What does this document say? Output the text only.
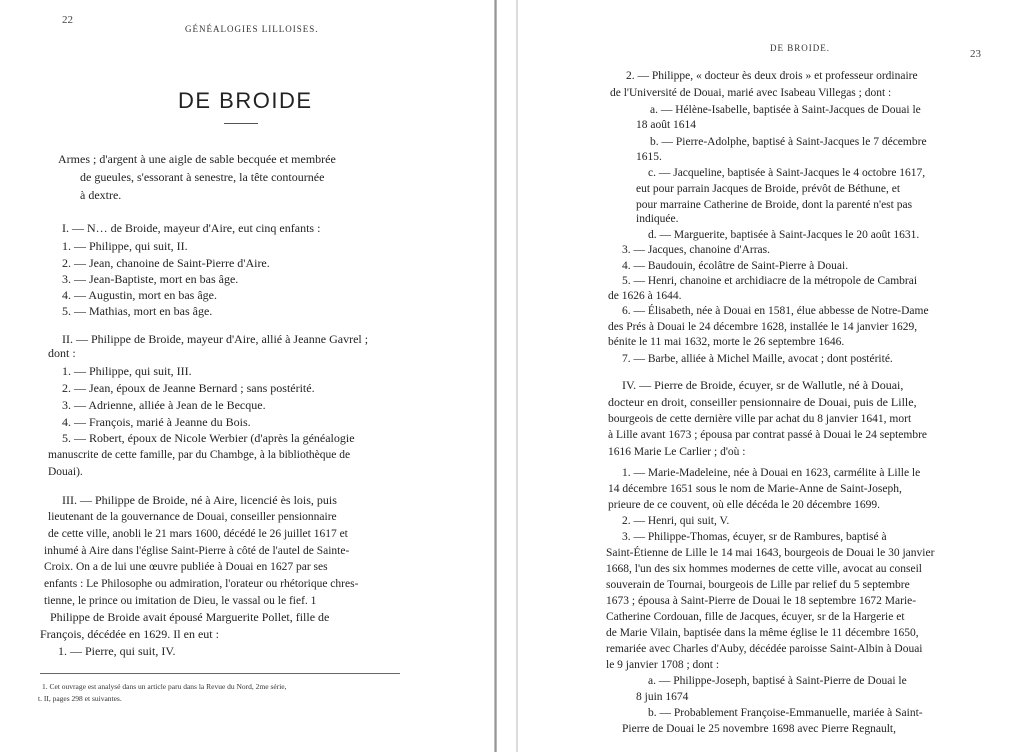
22
GÉNÉALOGIES LILLOISES.
DE BROIDE
Armes ; d'argent à une aigle de sable becquée et membrée
de gueules, s'essorant à senestre, la tête contournée
à dextre.
I. — N… de Broide, mayeur d'Aire, eut cinq enfants :
1. — Philippe, qui suit, II.
2. — Jean, chanoine de Saint-Pierre d'Aire.
3. — Jean-Baptiste, mort en bas âge.
4. — Augustin, mort en bas âge.
5. — Mathias, mort en bas âge.
II. — Philippe de Broide, mayeur d'Aire, allié à Jeanne Gavrel ;
dont :
1. — Philippe, qui suit, III.
2. — Jean, époux de Jeanne Bernard ; sans postérité.
3. — Adrienne, alliée à Jean de le Becque.
4. — François, marié à Jeanne du Bois.
5. — Robert, époux de Nicole Werbier (d'après la généalogie
manuscrite de cette famille, par du Chambge, à la bibliothèque de
Douai).
III. — Philippe de Broide, né à Aire, licencié ès lois, puis
lieutenant de la gouvernance de Douai, conseiller pensionnaire
de cette ville, anobli le 21 mars 1600, décédé le 26 juillet 1617 et
inhumé à Aire dans l'église Saint-Pierre à côté de l'autel de Sainte-
Croix. On a de lui une œuvre publiée à Douai en 1627 par ses
enfants : Le Philosophe ou admiration, l'orateur ou rhétorique chres-
tienne, le prince ou imitation de Dieu, le vassal ou le fief. 1
Philippe de Broide avait épousé Marguerite Pollet, fille de
François, décédée en 1629. Il en eut :
1. — Pierre, qui suit, IV.
1. Cet ouvrage est analysé dans un article paru dans la Revue du Nord, 2me série,
t. II, pages 298 et suivantes.
DE BROIDE.	23
2. — Philippe, « docteur ès deux drois » et professeur ordinaire
de l'Université de Douai, marié avec Isabeau Villegas ; dont :
a. — Hélène-Isabelle, baptisée à Saint-Jacques de Douai le
18 août 1614
b. — Pierre-Adolphe, baptisé à Saint-Jacques le 7 décembre
1615.
c. — Jacqueline, baptisée à Saint-Jacques le 4 octobre 1617,
eut pour parrain Jacques de Broide, prévôt de Béthune, et
pour marraine Catherine de Broide, dont la parenté n'est pas
indiquée.
d. — Marguerite, baptisée à Saint-Jacques le 20 août 1631.
3. — Jacques, chanoine d'Arras.
4. — Baudouin, écolâtre de Saint-Pierre à Douai.
5. — Henri, chanoine et archidiacre de la métropole de Cambrai
de 1626 à 1644.
6. — Élisabeth, née à Douai en 1581, élue abbesse de Notre-Dame
des Prés à Douai le 24 décembre 1628, installée le 14 janvier 1629,
bénite le 11 mai 1632, morte le 26 septembre 1646.
7. — Barbe, alliée à Michel Maille, avocat ; dont postérité.
IV. — Pierre de Broide, écuyer, sr de Wallutle, né à Douai,
docteur en droit, conseiller pensionnaire de Douai, puis de Lille,
bourgeois de cette dernière ville par achat du 8 janvier 1641, mort
à Lille avant 1673 ; épousa par contrat passé à Douai le 24 septembre
1616 Marie Le Carlier ; d'où :
1. — Marie-Madeleine, née à Douai en 1623, carmélite à Lille le
14 décembre 1651 sous le nom de Marie-Anne de Saint-Joseph,
prieure de ce couvent, où elle décéda le 20 décembre 1699.
2. — Henri, qui suit, V.
3. — Philippe-Thomas, écuyer, sr de Rambures, baptisé à
Saint-Étienne de Lille le 14 mai 1643, bourgeois de Douai le 30 janvier
1668, l'un des six hommes modernes de cette ville, avocat au conseil
souverain de Tournai, bourgeois de Lille par relief du 5 septembre
1673 ; épousa à Saint-Pierre de Douai le 18 septembre 1672 Marie-
Catherine Cordouan, fille de Jacques, écuyer, sr de la Hargerie et
de Marie Vilain, baptisée dans la même église le 11 décembre 1650,
remariée avec Charles d'Auby, décédée paroisse Saint-Albin à Douai
le 9 janvier 1708 ; dont :
a. — Philippe-Joseph, baptisé à Saint-Pierre de Douai le
8 juin 1674
b. — Probablement Françoise-Emmanuelle, mariée à Saint-
Pierre de Douai le 25 novembre 1698 avec Pierre Regnault,
